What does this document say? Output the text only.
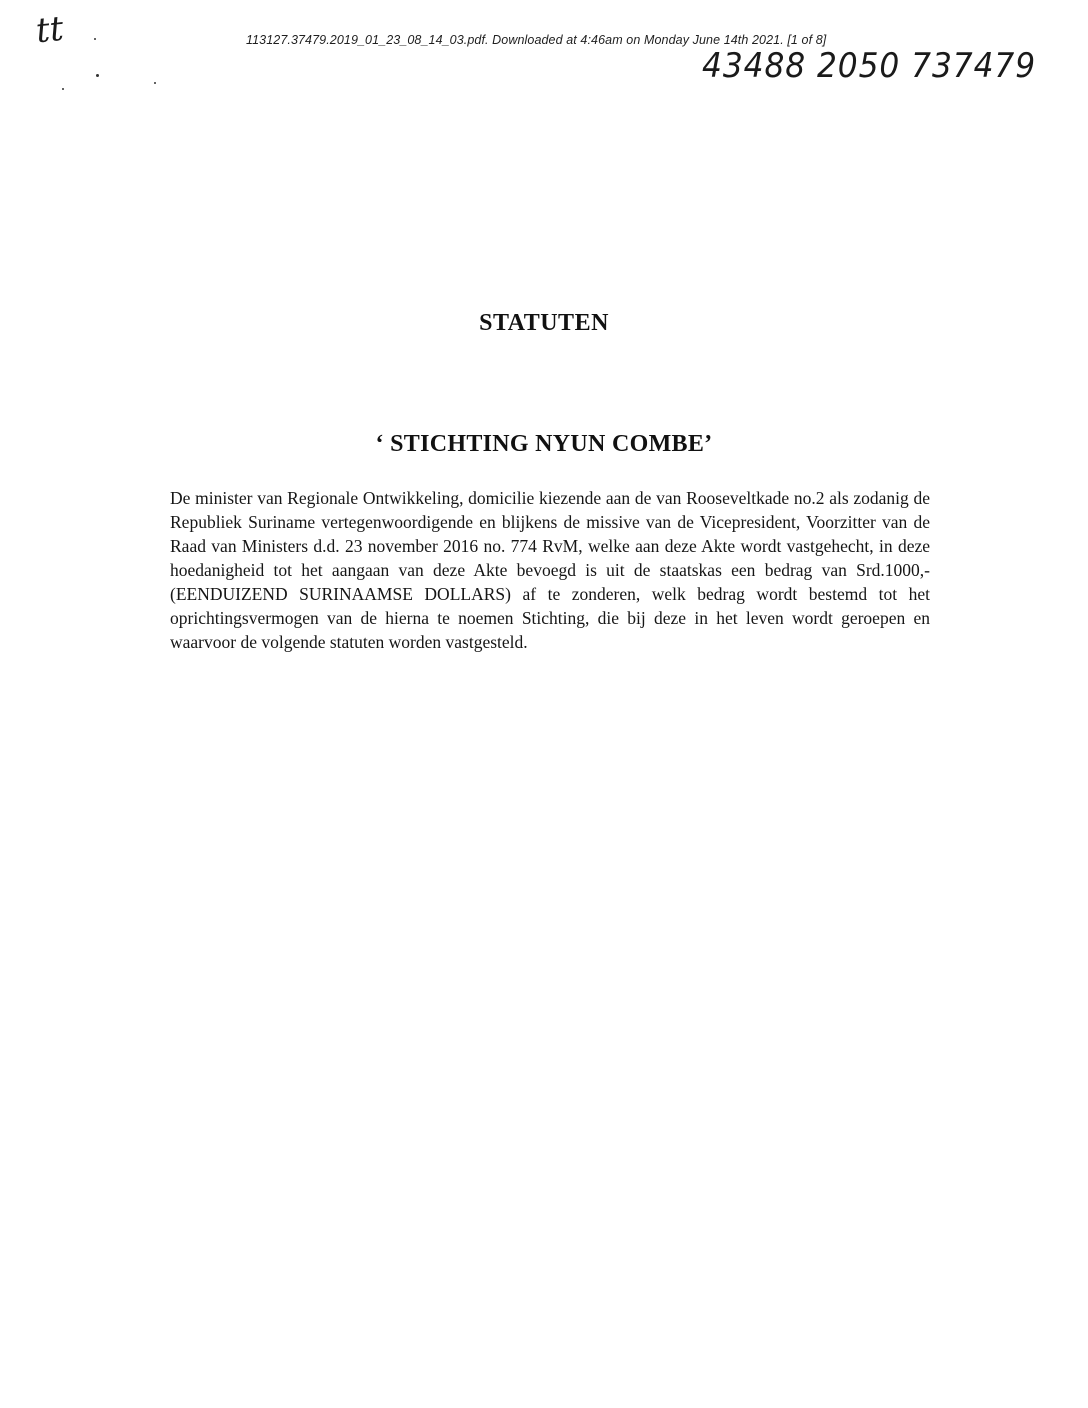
tt	113127.37479.2019_01_23_08_14_03.pdf. Downloaded at 4:46am on Monday June 14th 2021. [1 of 8]
43488 2050 737479
STATUTEN
‘ STICHTING NYUN COMBE’
De minister van Regionale Ontwikkeling, domicilie kiezende aan de van Rooseveltkade no.2 als zodanig de Republiek Suriname vertegenwoordigende en blijkens de missive van de Vicepresident, Voorzitter van de Raad van Ministers d.d. 23 november 2016 no. 774 RvM, welke aan deze Akte wordt vastgehecht, in deze hoedanigheid tot het aangaan van deze Akte bevoegd is uit de staatskas een bedrag van Srd.1000,- (EENDUIZEND SURINAAMSE DOLLARS) af te zonderen, welk bedrag wordt bestemd tot het oprichtingsvermogen van de hierna te noemen Stichting, die bij deze in het leven wordt geroepen en waarvoor de volgende statuten worden vastgesteld.
